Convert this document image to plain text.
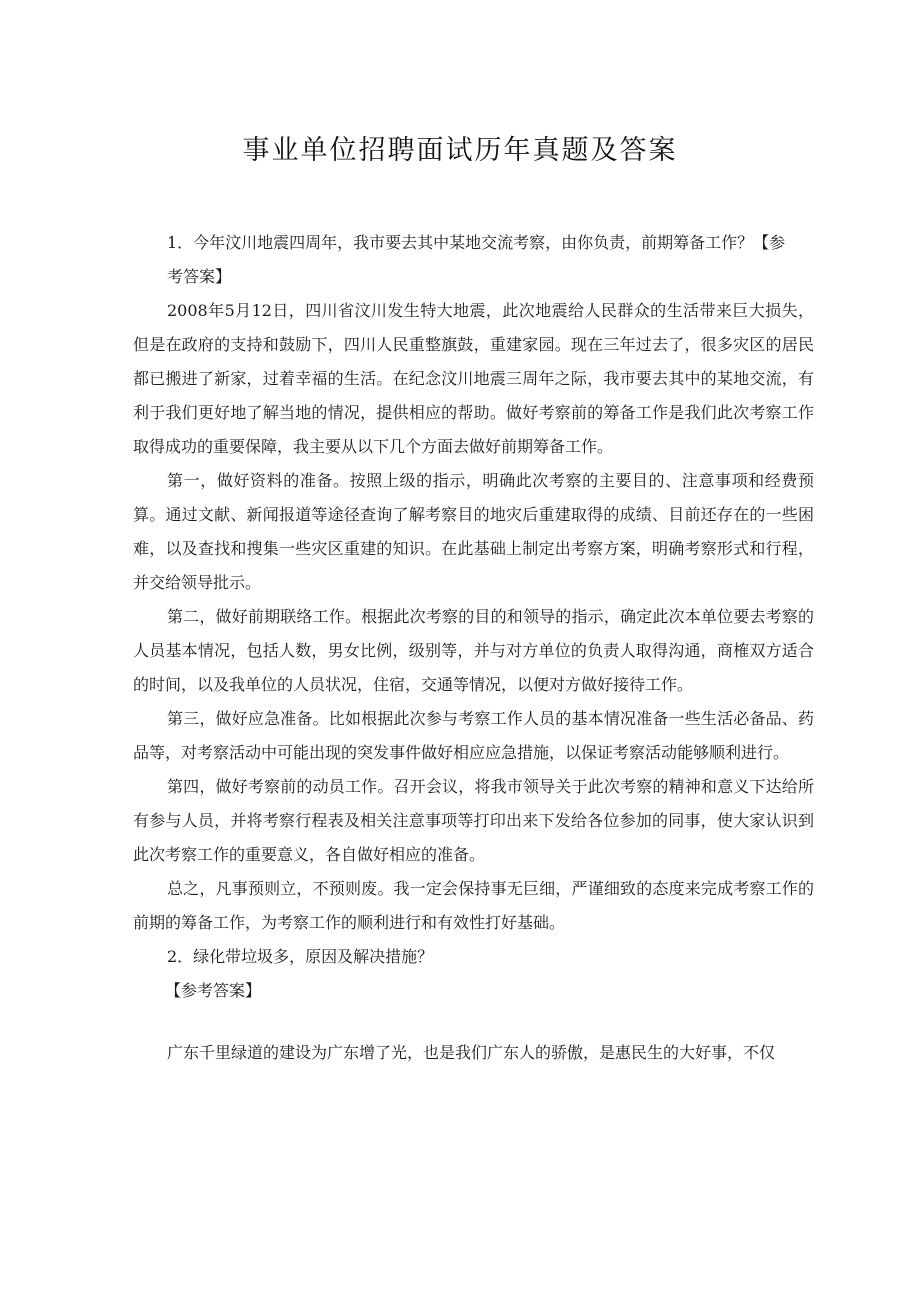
事业单位招聘面试历年真题及答案

1．今年汶川地震四周年，我市要去其中某地交流考察，由你负责，前期筹备工作？【参
考答案】

2008年5月12日，四川省汶川发生特大地震，此次地震给人民群众的生活带来巨大损失，但是在政府的支持和鼓励下，四川人民重整旗鼓，重建家园。现在三年过去了，很多灾区的居民都已搬进了新家，过着幸福的生活。在纪念汶川地震三周年之际，我市要去其中的某地交流，有利于我们更好地了解当地的情况，提供相应的帮助。做好考察前的筹备工作是我们此次考察工作取得成功的重要保障，我主要从以下几个方面去做好前期筹备工作。

第一，做好资料的准备。按照上级的指示，明确此次考察的主要目的、注意事项和经费预算。通过文献、新闻报道等途径查询了解考察目的地灾后重建取得的成绩、目前还存在的一些困难，以及查找和搜集一些灾区重建的知识。在此基础上制定出考察方案，明确考察形式和行程，并交给领导批示。

第二，做好前期联络工作。根据此次考察的目的和领导的指示，确定此次本单位要去考察的人员基本情况，包括人数，男女比例，级别等，并与对方单位的负责人取得沟通，商榷双方适合的时间，以及我单位的人员状况，住宿，交通等情况，以便对方做好接待工作。

第三，做好应急准备。比如根据此次参与考察工作人员的基本情况准备一些生活必备品、药品等，对考察活动中可能出现的突发事件做好相应应急措施，以保证考察活动能够顺利进行。

第四，做好考察前的动员工作。召开会议，将我市领导关于此次考察的精神和意义下达给所有参与人员，并将考察行程表及相关注意事项等打印出来下发给各位参加的同事，使大家认识到此次考察工作的重要意义，各自做好相应的准备。

总之，凡事预则立，不预则废。我一定会保持事无巨细，严谨细致的态度来完成考察工作的前期的筹备工作，为考察工作的顺利进行和有效性打好基础。

2．绿化带垃圾多，原因及解决措施？

【参考答案】

广东千里绿道的建设为广东增了光，也是我们广东人的骄傲，是惠民生的大好事，不仅
